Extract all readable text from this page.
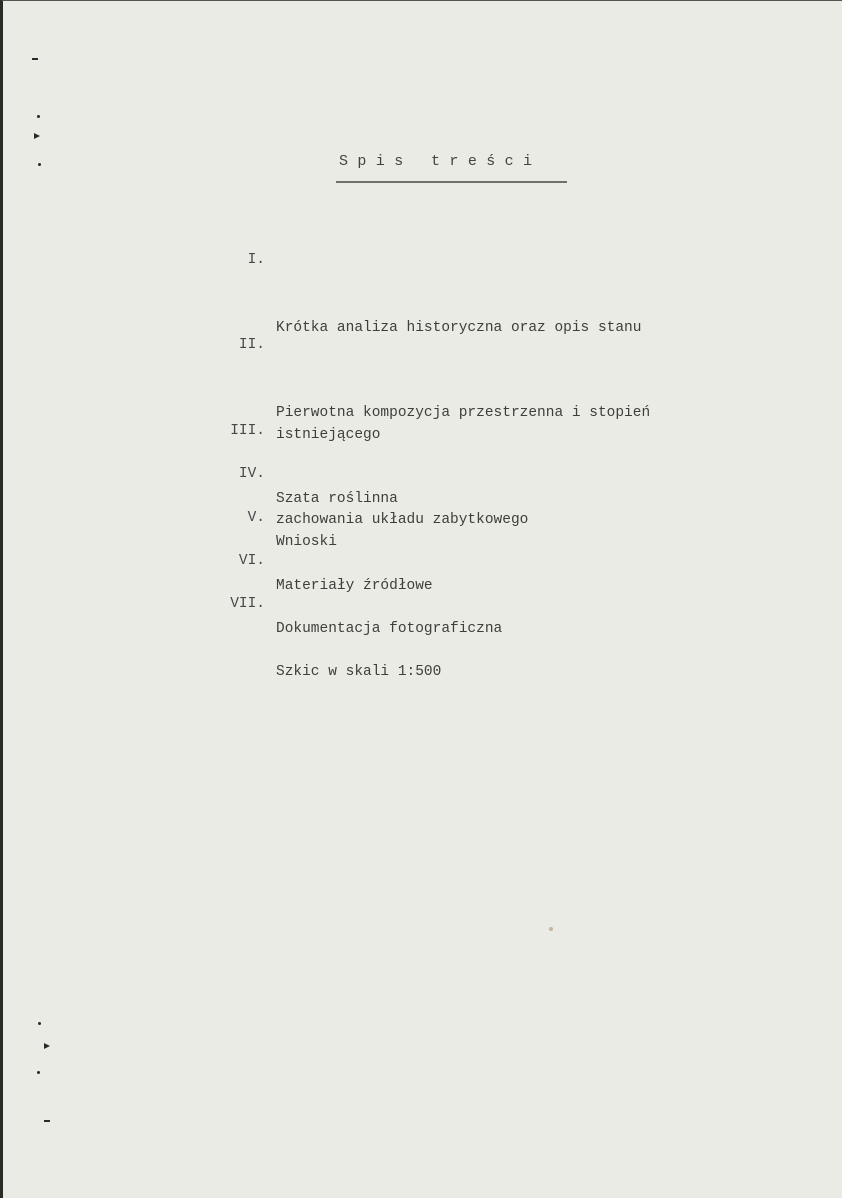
S p i s   t r e ś c i

I.

Krótka analiza historyczna oraz opis stanu

istniejącego

II.

Pierwotna kompozycja przestrzenna i stopień

zachowania układu zabytkowego

III.

Szata roślinna

IV.

Wnioski

V.

Materiały źródłowe

VI.

Dokumentacja fotograficzna

VII.

Szkic w skali 1:500
